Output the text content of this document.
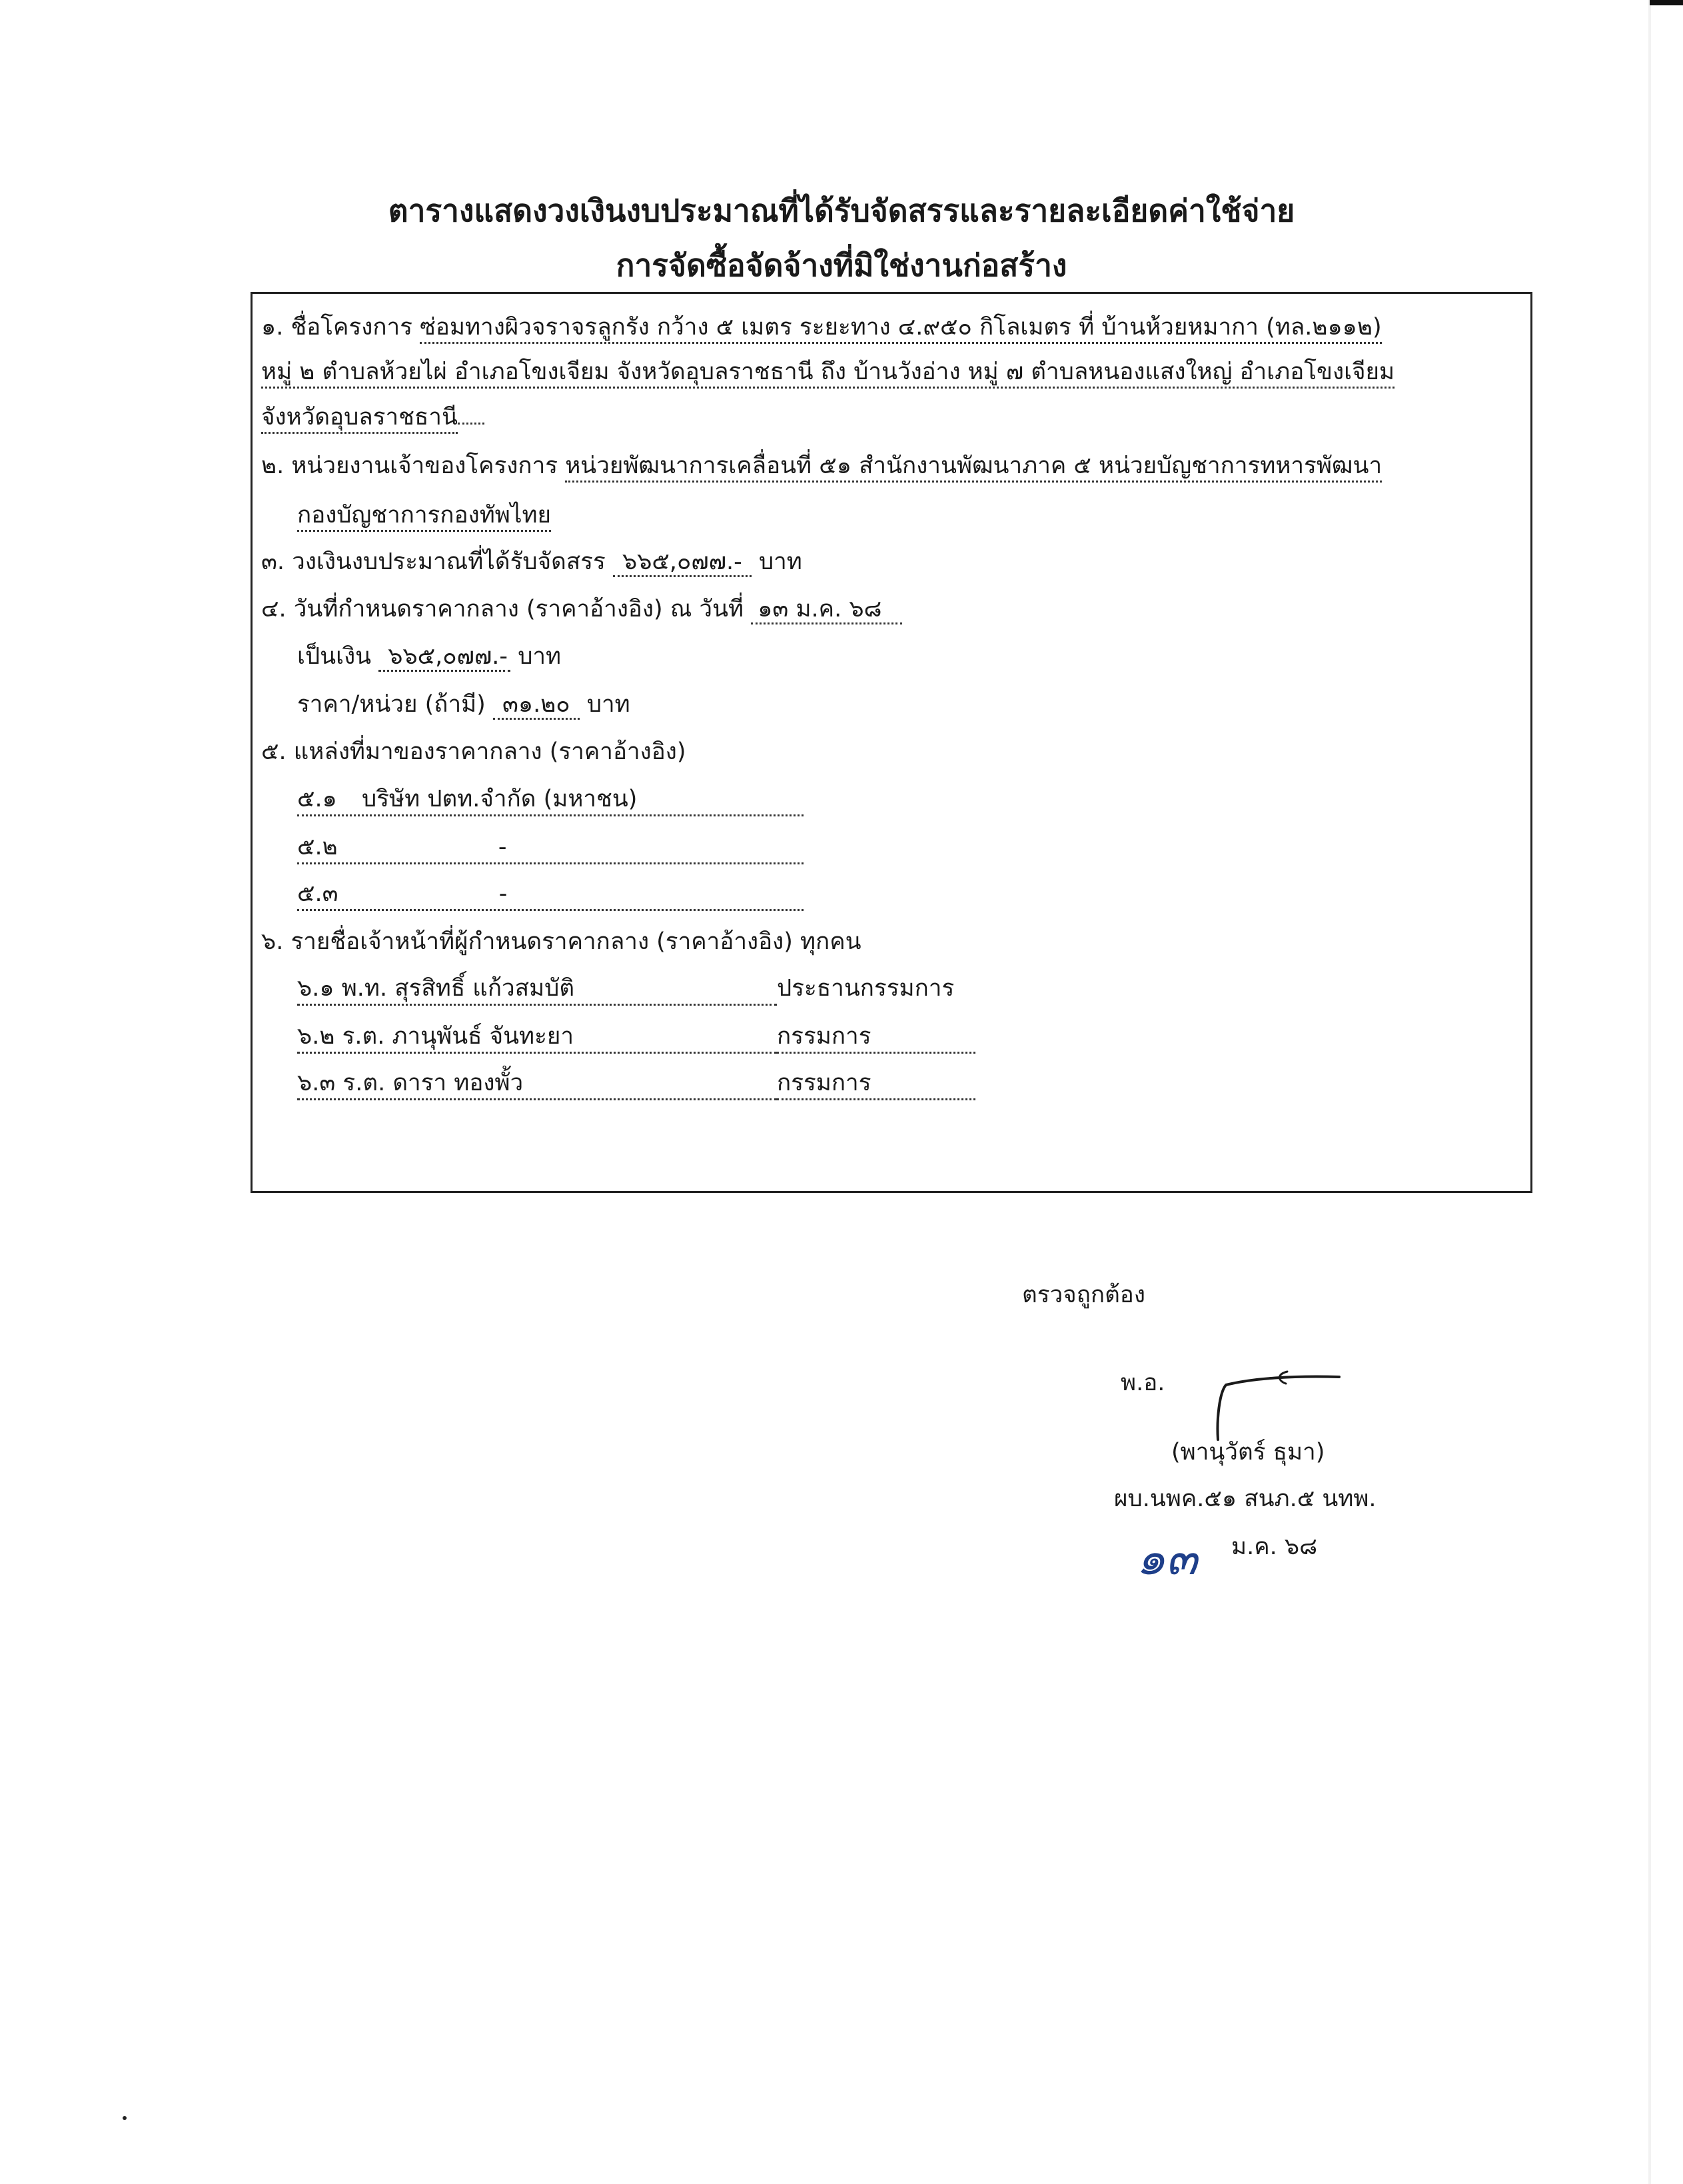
ตารางแสดงวงเงินงบประมาณที่ได้รับจัดสรรและรายละเอียดค่าใช้จ่าย
การจัดซื้อจัดจ้างที่มิใช่งานก่อสร้าง
๑. ชื่อโครงการ ซ่อมทางผิวจราจรลูกรัง กว้าง ๕ เมตร ระยะทาง ๔.๙๕๐ กิโลเมตร ที่ บ้านห้วยหมากา (ทล.๒๑๑๒)
หมู่ ๒ ตำบลห้วยไผ่ อำเภอโขงเจียม จังหวัดอุบลราชธานี ถึง บ้านวังอ่าง หมู่ ๗ ตำบลหนองแสงใหญ่ อำเภอโขงเจียม
จังหวัดอุบลราชธานี
๒. หน่วยงานเจ้าของโครงการ หน่วยพัฒนาการเคลื่อนที่ ๕๑ สำนักงานพัฒนาภาค ๕ หน่วยบัญชาการทหารพัฒนา
กองบัญชาการกองทัพไทย
๓. วงเงินงบประมาณที่ได้รับจัดสรร ๖๖๕,๐๗๗.- บาท
๔. วันที่กำหนดราคากลาง (ราคาอ้างอิง) ณ วันที่ ๑๓ ม.ค. ๖๘
เป็นเงิน ๖๖๕,๐๗๗.- บาท
ราคา/หน่วย (ถ้ามี) ๓๑.๒๐ บาท
๕. แหล่งที่มาของราคากลาง (ราคาอ้างอิง)
๕.๑ บริษัท ปตท.จำกัด (มหาชน)
๕.๒	-
๕.๓	-
๖. รายชื่อเจ้าหน้าที่ผู้กำหนดราคากลาง (ราคาอ้างอิง) ทุกคน
๖.๑ พ.ท. สุรสิทธิ์ แก้วสมบัติ	ประธานกรรมการ
๖.๒ ร.ต. ภานุพันธ์ จันทะยา	กรรมการ
๖.๓ ร.ต. ดารา ทองพั้ว	กรรมการ
ตรวจถูกต้อง
พ.อ.
(พานุวัตร์ ธุมา)
ผบ.นพค.๕๑ สนภ.๕ นทพ.
๑๓ ม.ค. ๖๘
